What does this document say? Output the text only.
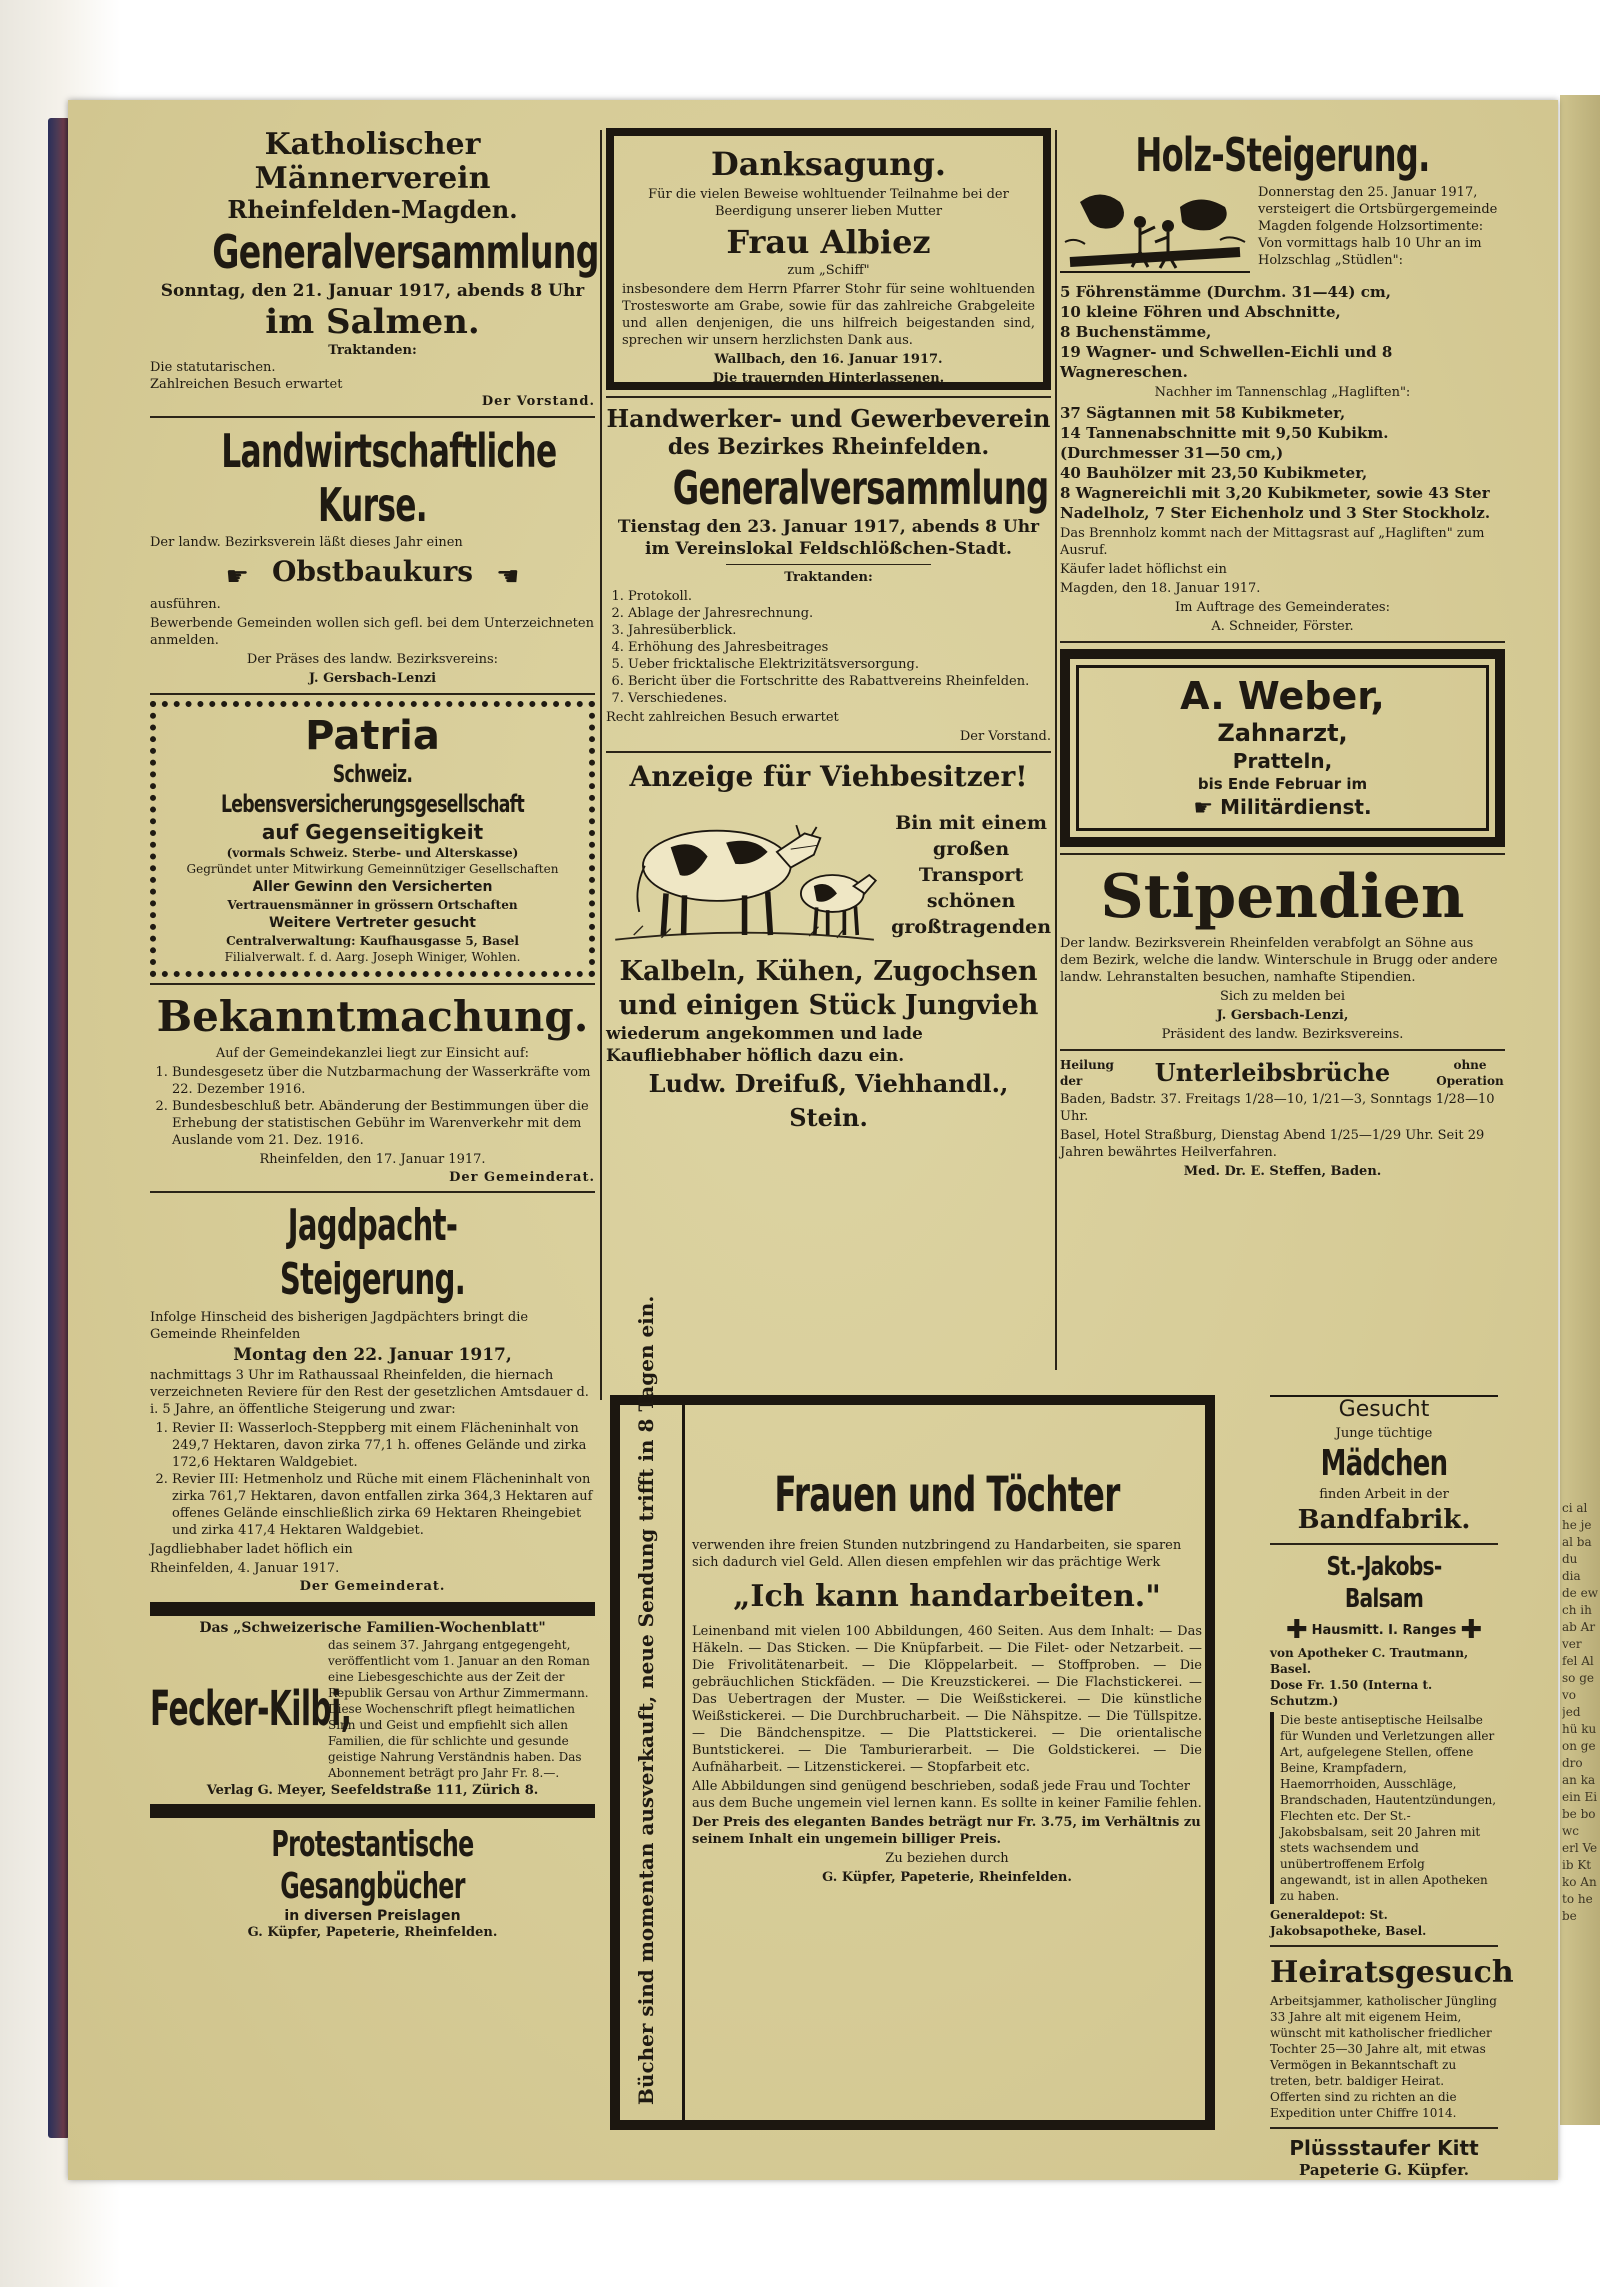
ci al he je al ba du dia de ew ch ih ab Ar ver fel Al so ge vo jed hü ku on ge dro an ka ein Ei be bo wc erl Ve ib Kt ko An to he be
Katholischer Männerverein
Rheinfelden-Magden.
Generalversammlung
Sonntag, den 21. Januar 1917, abends 8 Uhr
im Salmen.
Traktanden:
Die statutarischen.
Zahlreichen Besuch erwartet
Der Vorstand.
Landwirtschaftliche Kurse.

Der landw. Bezirksverein läßt dieses Jahr einen

☛ Obstbaukurs ☚

ausführen.

Bewerbende Gemeinden wollen sich gefl. bei dem Unterzeichneten anmelden.

Der Präses des landw. Bezirksvereins:

J. Gersbach-Lenzi

Patria
Schweiz. Lebensversicherungsgesellschaft
auf Gegenseitigkeit
(vormals Schweiz. Sterbe- und Alterskasse)
Gegründet unter Mitwirkung Gemeinnütziger Gesellschaften
Aller Gewinn den Versicherten
Vertrauensmänner in grössern Ortschaften
Weitere Vertreter gesucht
Centralverwaltung: Kaufhausgasse 5, Basel
Filialverwalt. f. d. Aarg. Joseph Winiger, Wohlen.
Bekanntmachung.

Auf der Gemeindekanzlei liegt zur Einsicht auf:

1. Bundesgesetz über die Nutzbarmachung der Wasserkräfte vom 22. Dezember 1916.
2. Bundesbeschluß betr. Abänderung der Bestimmungen über die Erhebung der statistischen Gebühr im Warenverkehr mit dem Auslande vom 21. Dez. 1916.

Rheinfelden, den 17. Januar 1917.

Der Gemeinderat.

Jagdpacht-Steigerung.

Infolge Hinscheid des bisherigen Jagdpächters bringt die Gemeinde Rheinfelden

Montag den 22. Januar 1917,

nachmittags 3 Uhr im Rathaussaal Rheinfelden, die hiernach verzeichneten Reviere für den Rest der gesetzlichen Amtsdauer d. i. 5 Jahre, an öffentliche Steigerung und zwar:

1. Revier II: Wasserloch-Steppberg mit einem Flächeninhalt von 249,7 Hektaren, davon zirka 77,1 h. offenes Gelände und zirka 172,6 Hektaren Waldgebiet.
2. Revier III: Hetmenholz und Rüche mit einem Flächeninhalt von zirka 761,7 Hektaren, davon entfallen zirka 364,3 Hektaren auf offenes Gelände einschließlich zirka 69 Hektaren Rheingebiet und zirka 417,4 Hektaren Waldgebiet.

Jagdliebhaber ladet höflich ein

Rheinfelden, 4. Januar 1917.

Der Gemeinderat.

Das „Schweizerische Familien-Wochenblatt"
Fecker-Kilbi,
das seinem 37. Jahrgang entgegengeht, veröffentlicht vom 1. Januar an den Roman eine Liebesgeschichte aus der Zeit der Republik Gersau von Arthur Zimmermann. Diese Wochenschrift pflegt heimatlichen Sinn und Geist und empfiehlt sich allen Familien, die für schlichte und gesunde geistige Nahrung Verständnis haben. Das Abonnement beträgt pro Jahr Fr. 8.—.

Verlag G. Meyer, Seefeldstraße 111, Zürich 8.

Protestantische Gesangbücher
in diversen Preislagen
G. Küpfer, Papeterie, Rheinfelden.
Danksagung.

Für die vielen Beweise wohltuender Teilnahme bei der Beerdigung unserer lieben Mutter

Frau Albiez
zum „Schiff"

insbesondere dem Herrn Pfarrer Stohr für seine wohltuenden Trostesworte am Grabe, sowie für das zahlreiche Grabgeleite und allen denjenigen, die uns hilfreich beigestanden sind, sprechen wir unsern herzlichsten Dank aus.

Wallbach, den 16. Januar 1917.

Die trauernden Hinterlassenen.

Handwerker- und Gewerbeverein
des Bezirkes Rheinfelden.
Generalversammlung
Tienstag den 23. Januar 1917, abends 8 Uhr
im Vereinslokal Feldschlößchen-Stadt.
Traktanden:
1. Protokoll.
2. Ablage der Jahresrechnung.
3. Jahresüberblick.
4. Erhöhung des Jahresbeitrages
5. Ueber fricktalische Elektrizitätsversorgung.
6. Bericht über die Fortschritte des Rabattvereins Rheinfelden.
7. Verschiedenes.

Recht zahlreichen Besuch erwartet

Der Vorstand.

Anzeige für Viehbesitzer!
Bin mit einem großen Transport schönen großtragenden
Kalbeln, Kühen, Zugochsen und einigen Stück Jungvieh
wiederum angekommen und lade Kaufliebhaber höflich dazu ein.
Ludw. Dreifuß, Viehhandl., Stein.
Holz-Steigerung.

Donnerstag den 25. Januar 1917, versteigert die Ortsbürgergemeinde Magden folgende Holzsortimente: Von vormittags halb 10 Uhr an im Holzschlag „Stüdlen":

5 Föhrenstämme (Durchm. 31—44) cm,
10 kleine Föhren und Abschnitte,
8 Buchenstämme,
19 Wagner- und Schwellen-Eichli und 8 Wagnereschen.

Nachher im Tannenschlag „Hagliften":

37 Sägtannen mit 58 Kubikmeter,
14 Tannenabschnitte mit 9,50 Kubikm. (Durchmesser 31—50 cm,)
40 Bauhölzer mit 23,50 Kubikmeter,
8 Wagnereichli mit 3,20 Kubikmeter, sowie 43 Ster Nadelholz, 7 Ster Eichenholz und 3 Ster Stockholz.

Das Brennholz kommt nach der Mittagsrast auf „Hagliften" zum Ausruf.

Käufer ladet höflichst ein

Magden, den 18. Januar 1917.

Im Auftrage des Gemeinderates:

A. Schneider, Förster.

A. Weber,
Zahnarzt,
Pratteln,
bis Ende Februar im
☛ Militärdienst.
Stipendien

Der landw. Bezirksverein Rheinfelden verabfolgt an Söhne aus dem Bezirk, welche die landw. Winterschule in Brugg oder andere landw. Lehranstalten besuchen, namhafte Stipendien.

Sich zu melden bei

J. Gersbach-Lenzi,

Präsident des landw. Bezirksvereins.

Heilung der	Unterleibsbrüche	ohne Operation

Baden, Badstr. 37. Freitags 1/28—10, 1/21—3, Sonntags 1/28—10 Uhr.

Basel, Hotel Straßburg, Dienstag Abend 1/25—1/29 Uhr. Seit 29 Jahren bewährtes Heilverfahren.

Med. Dr. E. Steffen, Baden.

Bücher sind momentan ausverkauft, neue Sendung trifft in 8 Tagen ein. Frauen und Töchter

verwenden ihre freien Stunden nutzbringend zu Handarbeiten, sie sparen sich dadurch viel Geld. Allen diesen empfehlen wir das prächtige Werk

„Ich kann handarbeiten."

Leinenband mit vielen 100 Abbildungen, 460 Seiten. Aus dem Inhalt: — Das Häkeln. — Das Sticken. — Die Knüpfarbeit. — Die Filet- oder Netzarbeit. — Die Frivolitätenarbeit. — Die Klöppelarbeit. — Stoffproben. — Die gebräuchlichen Stickfäden. — Die Kreuzstickerei. — Die Flachstickerei. — Das Uebertragen der Muster. — Die Weißstickerei. — Die künstliche Weißstickerei. — Die Durchbrucharbeit. — Die Nähspitze. — Die Tüllspitze. — Die Bändchenspitze. — Die Plattstickerei. — Die orientalische Buntstickerei. — Die Tamburierarbeit. — Die Goldstickerei. — Die Aufnäharbeit. — Litzenstickerei. — Stopfarbeit etc.

Alle Abbildungen sind genügend beschrieben, sodaß jede Frau und Tochter aus dem Buche ungemein viel lernen kann. Es sollte in keiner Familie fehlen.

Der Preis des eleganten Bandes beträgt nur Fr. 3.75, im Verhältnis zu seinem Inhalt ein ungemein billiger Preis.

Zu beziehen durch

G. Küpfer, Papeterie, Rheinfelden.

Gesucht
Junge tüchtige
Mädchen
finden Arbeit in der
Bandfabrik.
St.-Jakobs-Balsam
✚ Hausmitt. I. Ranges ✚
von Apotheker C. Trautmann, Basel.
Dose Fr. 1.50 (Interna t. Schutzm.)
Die beste antiseptische Heilsalbe für Wunden und Verletzungen aller Art, aufgelegene Stellen, offene Beine, Krampfadern, Haemorrhoiden, Ausschläge, Brandschaden, Hautentzündungen, Flechten etc. Der St.-Jakobsbalsam, seit 20 Jahren mit stets wachsendem und unübertroffenem Erfolg angewandt, ist in allen Apotheken zu haben.
Generaldepot: St. Jakobsapotheke, Basel.
Heiratsgesuch
Arbeitsjammer, katholischer Jüngling 33 Jahre alt mit eigenem Heim, wünscht mit katholischer friedlicher Tochter 25—30 Jahre alt, mit etwas Vermögen in Bekanntschaft zu treten, betr. baldiger Heirat. Offerten sind zu richten an die Expedition unter Chiffre 1014.
Plüssstaufer Kitt
Papeterie G. Küpfer.
